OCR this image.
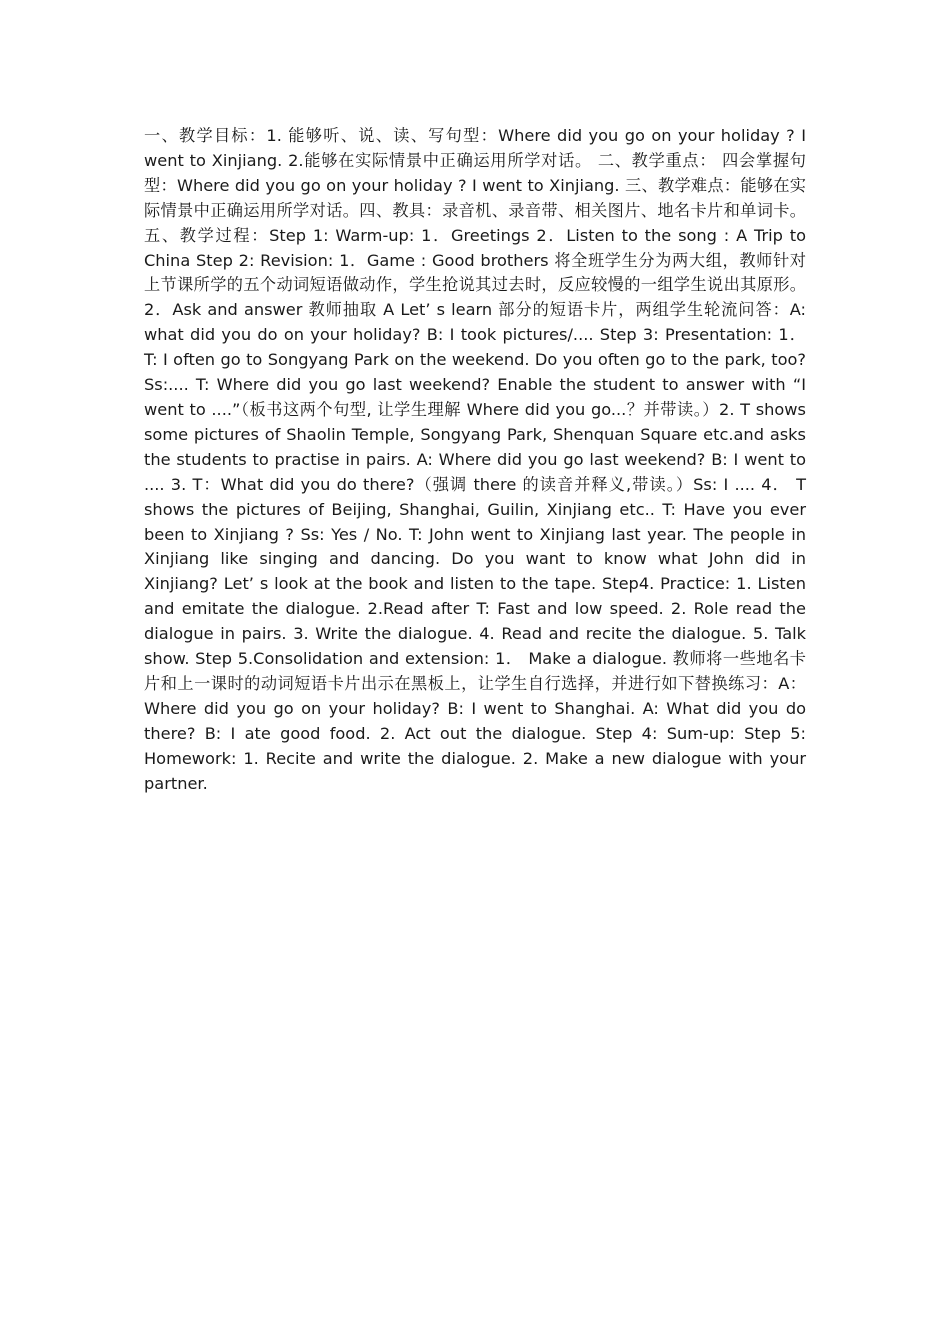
一、教学目标：1. 能够听、说、读、写句型：Where did you go on your holiday ? I went to Xinjiang. 2.能够在实际情景中正确运用所学对话。 二、教学重点： 四会掌握句型：Where did you go on your holiday ? I went to Xinjiang. 三、教学难点：能够在实际情景中正确运用所学对话。四、教具：录音机、录音带、相关图片、地名卡片和单词卡。五、教学过程：Step 1: Warm-up: 1．Greetings 2．Listen to the song : A Trip to China Step 2: Revision: 1．Game : Good brothers 将全班学生分为两大组，教师针对上节课所学的五个动词短语做动作，学生抢说其过去时，反应较慢的一组学生说出其原形。 2．Ask and answer 教师抽取 A Let’ s learn 部分的短语卡片，两组学生轮流问答：A: what did you do on your holiday? B: I took pictures/.... Step 3: Presentation: 1． T: I often go to Songyang Park on the weekend. Do you often go to the park, too? Ss:.... T: Where did you go last weekend? Enable the student to answer with “I went to ....”（板书这两个句型, 让学生理解 Where did you go...？并带读。）2. T shows some pictures of Shaolin Temple, Songyang Park, Shenquan Square etc.and asks the students to practise in pairs. A: Where did you go last weekend? B: I went to .... 3. T：What did you do there?（强调 there 的读音并释义,带读。）Ss: I .... 4． T shows the pictures of Beijing, Shanghai, Guilin, Xinjiang etc.. T: Have you ever been to Xinjiang ? Ss: Yes / No. T: John went to Xinjiang last year. The people in Xinjiang like singing and dancing. Do you want to know what John did in Xinjiang? Let’ s look at the book and listen to the tape. Step4. Practice: 1. Listen and emitate the dialogue. 2.Read after T: Fast and low speed. 2. Role read the dialogue in pairs. 3. Write the dialogue. 4. Read and recite the dialogue. 5. Talk show. Step 5.Consolidation and extension: 1． Make a dialogue. 教师将一些地名卡片和上一课时的动词短语卡片出示在黑板上，让学生自行选择，并进行如下替换练习：A：Where did you go on your holiday? B: I went to Shanghai. A: What did you do there? B: I ate good food. 2. Act out the dialogue. Step 4: Sum-up: Step 5: Homework: 1. Recite and write the dialogue. 2. Make a new dialogue with your partner.
